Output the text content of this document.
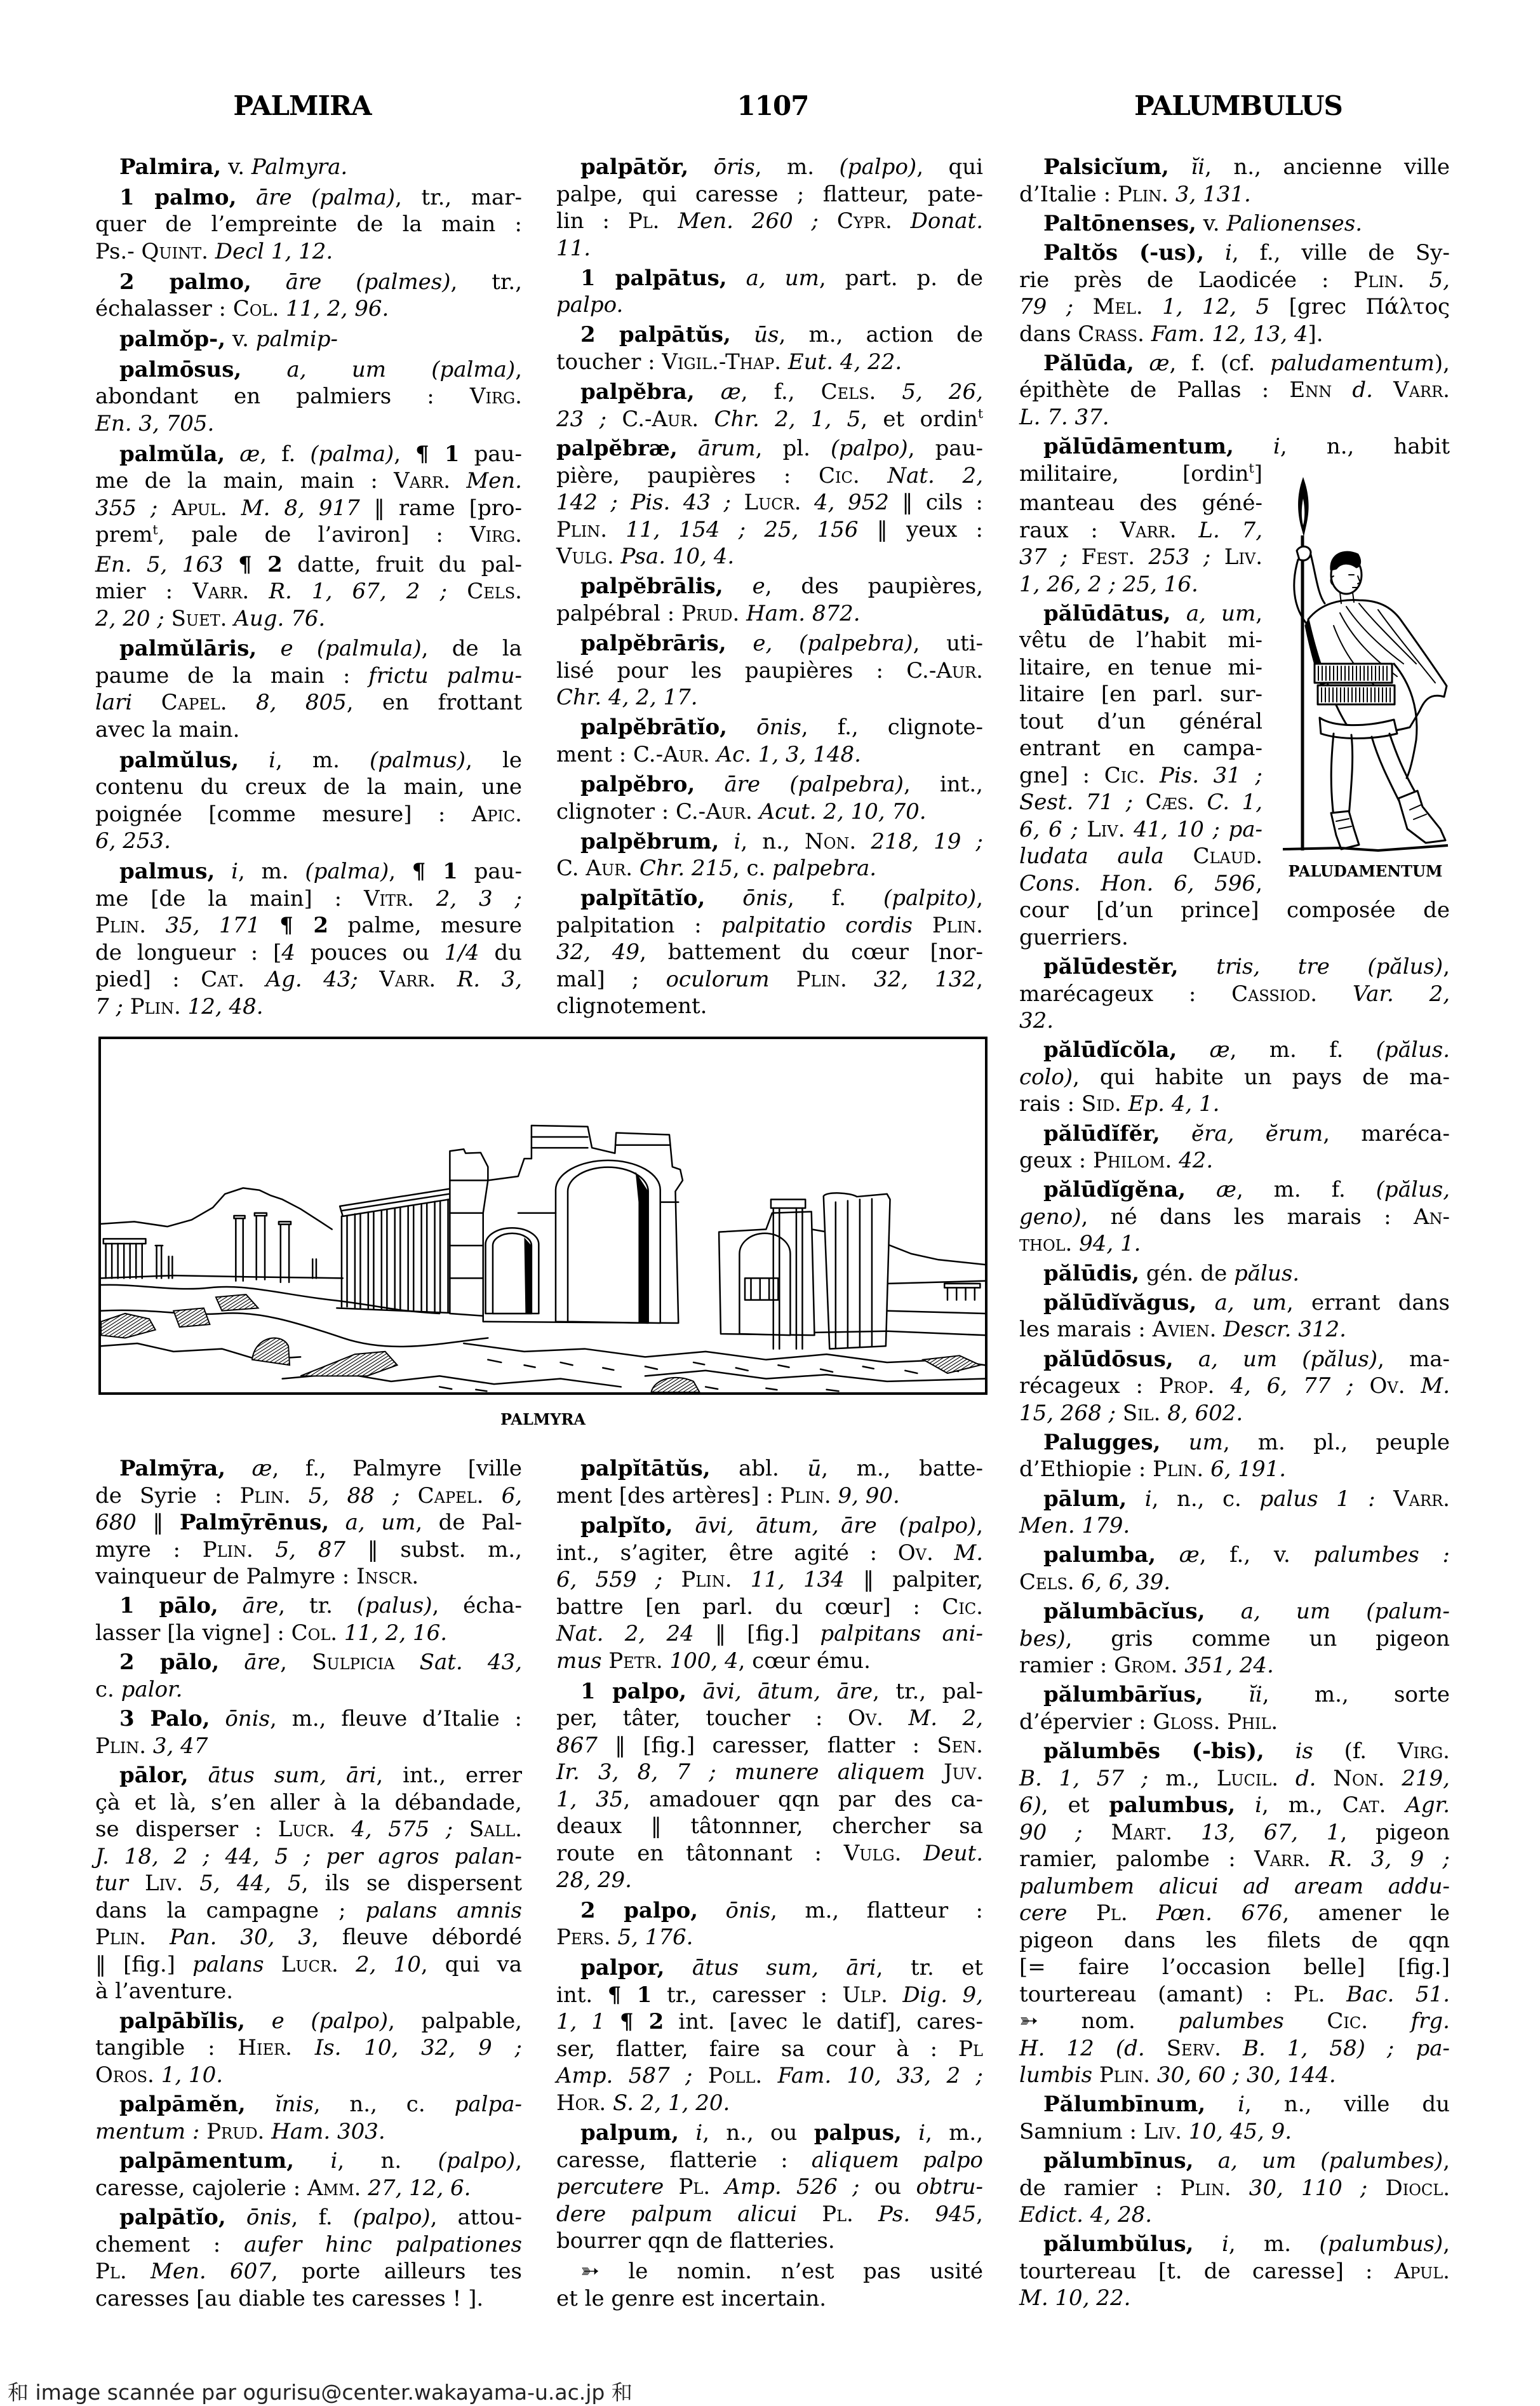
PALMIRA	1107	PALUMBULUS
Palmira, v. Palmyra.
1 palmo, āre (palma), tr., mar-
quer de l’empreinte de la main :
Ps.- Quint. Decl 1, 12.
2 palmo, āre (palmes), tr.,
échalasser : Col. 11, 2, 96.
palmŏp-, v. palmip-
palmōsus, a, um (palma),
abondant en palmiers : Virg.
En. 3, 705.
palmŭla, æ, f. (palma), ¶ 1 pau-
me de la main, main : Varr. Men.
355 ; Apul. M. 8, 917 ‖ rame [pro-
prem$^t$, pale de l’aviron] : Virg.
En. 5, 163 ¶ 2 datte, fruit du pal-
mier : Varr. R. 1, 67, 2 ; Cels.
2, 20 ; Suet. Aug. 76.
palmŭlāris, e (palmula), de la
paume de la main : frictu palmu-
lari Capel. 8, 805, en frottant
avec la main.
palmŭlus, i, m. (palmus), le
contenu du creux de la main, une
poignée [comme mesure] : Apic.
6, 253.
palmus, i, m. (palma), ¶ 1 pau-
me [de la main] : Vitr. 2, 3 ;
Plin. 35, 171 ¶ 2 palme, mesure
de longueur : [4 pouces ou 1/4 du
pied] : Cat. Ag. 43; Varr. R. 3,
7 ; Plin. 12, 48.
palpātŏr, ōris, m. (palpo), qui
palpe, qui caresse ; flatteur, pate-
lin : Pl. Men. 260 ; Cypr. Donat.
11.
1 palpātus, a, um, part. p. de
palpo.
2 palpātŭs, ūs, m., action de
toucher : Vigil.-Thap. Eut. 4, 22.
palpĕbra, æ, f., Cels. 5, 26,
23 ; C.-Aur. Chr. 2, 1, 5, et ordin$^t$
palpĕbræ, ārum, pl. (palpo), pau-
pière, paupières : Cic. Nat. 2,
142 ; Pis. 43 ; Lucr. 4, 952 ‖ cils :
Plin. 11, 154 ; 25, 156 ‖ yeux :
Vulg. Psa. 10, 4.
palpĕbrālis, e, des paupières,
palpébral : Prud. Ham. 872.
palpĕbrāris, e, (palpebra), uti-
lisé pour les paupières : C.-Aur.
Chr. 4, 2, 17.
palpĕbrātĭo, ōnis, f., clignote-
ment : C.-Aur. Ac. 1, 3, 148.
palpĕbro, āre (palpebra), int.,
clignoter : C.-Aur. Acut. 2, 10, 70.
palpĕbrum, i, n., Non. 218, 19 ;
C. Aur. Chr. 215, c. palpebra.
palpĭtātĭo, ōnis, f. (palpito),
palpitation : palpitatio cordis Plin.
32, 49, battement du cœur [nor-
mal] ; oculorum Plin. 32, 132,
clignotement.
Palsicĭum, ĭi, n., ancienne ville
d’Italie : Plin. 3, 131.
Paltōnenses, v. Palionenses.
Paltŏs (-us), i, f., ville de Sy-
rie près de Laodicée : Plin. 5,
79 ; Mel. 1, 12, 5 [grec Πάλτος
dans Crass. Fam. 12, 13, 4].
Pălūda, æ, f. (cf. paludamentum),
épithète de Pallas : Enn d. Varr.
L. 7. 37.
pălūdāmentum, i, n., habit
militaire, [ordin$^t$]
manteau des géné-
raux : Varr. L. 7,
37 ; Fest. 253 ; Liv.
1, 26, 2 ; 25, 16.
pălūdātus, a, um,
vêtu de l’habit mi-
litaire, en tenue mi-
litaire [en parl. sur-
tout d’un général
entrant en campa-
gne] : Cic. Pis. 31 ;
Sest. 71 ; Cæs. C. 1,
6, 6 ; Liv. 41, 10 ; pa-
ludata aula Claud.
Cons. Hon. 6, 596,
cour [d’un prince] composée de
guerriers.
pălūdestĕr, tris, tre (pălus),
marécageux : Cassiod. Var. 2,
32.
pălūdĭcŏla, æ, m. f. (pălus.
colo), qui habite un pays de ma-
rais : Sid. Ep. 4, 1.
pălūdĭfĕr, ĕra, ĕrum, maréca-
geux : Philom. 42.
pălūdĭgĕna, æ, m. f. (pălus,
geno), né dans les marais : An-
thol. 94, 1.
pălūdis, gén. de pălus.
pălūdĭvăgus, a, um, errant dans
les marais : Avien. Descr. 312.
pălūdōsus, a, um (pălus), ma-
récageux : Prop. 4, 6, 77 ; Ov. M.
15, 268 ; Sil. 8, 602.
Palugges, um, m. pl., peuple
d’Ethiopie : Plin. 6, 191.
pālum, i, n., c. palus 1 : Varr.
Men. 179.
palumba, æ, f., v. palumbes :
Cels. 6, 6, 39.
pălumbācĭus, a, um (palum-
bes), gris comme un pigeon
ramier : Grom. 351, 24.
pălumbārĭus, ĭi, m., sorte
d’épervier : Gloss. Phil.
pălumbēs (-bis), is (f. Virg.
B. 1, 57 ; m., Lucil. d. Non. 219,
6), et palumbus, i, m., Cat. Agr.
90 ; Mart. 13, 67, 1, pigeon
ramier, palombe : Varr. R. 3, 9 ;
palumbem alicui ad aream addu-
cere Pl. Pœn. 676, amener le
pigeon dans les filets de qqn
[= faire l’occasion belle] [fig.]
tourtereau (amant) : Pl. Bac. 51.
➳ nom. palumbes Cic. frg.
H. 12 (d. Serv. B. 1, 58) ; pa-
lumbis Plin. 30, 60 ; 30, 144.
Pălumbīnum, i, n., ville du
Samnium : Liv. 10, 45, 9.
pălumbīnus, a, um (palumbes),
de ramier : Plin. 30, 110 ; Diocl.
Edict. 4, 28.
pălumbŭlus, i, m. (palumbus),
tourtereau [t. de caresse] : Apul.
M. 10, 22.
Palmȳra, æ, f., Palmyre [ville
de Syrie : Plin. 5, 88 ; Capel. 6,
680 ‖ Palmȳrēnus, a, um, de Pal-
myre : Plin. 5, 87 ‖ subst. m.,
vainqueur de Palmyre : Inscr.
1 pālo, āre, tr. (palus), écha-
lasser [la vigne] : Col. 11, 2, 16.
2 pālo, āre, Sulpicia Sat. 43,
c. palor.
3 Palo, ōnis, m., fleuve d’Italie :
Plin. 3, 47
pālor, ātus sum, āri, int., errer
çà et là, s’en aller à la débandade,
se disperser : Lucr. 4, 575 ; Sall.
J. 18, 2 ; 44, 5 ; per agros palan-
tur Liv. 5, 44, 5, ils se dispersent
dans la campagne ; palans amnis
Plin. Pan. 30, 3, fleuve débordé
‖ [fig.] palans Lucr. 2, 10, qui va
à l’aventure.
palpābĭlis, e (palpo), palpable,
tangible : Hier. Is. 10, 32, 9 ;
Oros. 1, 10.
palpāmĕn, ĭnis, n., c. palpa-
mentum : Prud. Ham. 303.
palpāmentum, i, n. (palpo),
caresse, cajolerie : Amm. 27, 12, 6.
palpātĭo, ōnis, f. (palpo), attou-
chement : aufer hinc palpationes
Pl. Men. 607, porte ailleurs tes
caresses [au diable tes caresses ! ].
palpĭtātŭs, abl. ū, m., batte-
ment [des artères] : Plin. 9, 90.
palpĭto, āvi, ātum, āre (palpo),
int., s’agiter, être agité : Ov. M.
6, 559 ; Plin. 11, 134 ‖ palpiter,
battre [en parl. du cœur] : Cic.
Nat. 2, 24 ‖ [fig.] palpitans ani-
mus Petr. 100, 4, cœur ému.
1 palpo, āvi, ātum, āre, tr., pal-
per, tâter, toucher : Ov. M. 2,
867 ‖ [fig.] caresser, flatter : Sen.
Ir. 3, 8, 7 ; munere aliquem Juv.
1, 35, amadouer qqn par des ca-
deaux ‖ tâtonnner, chercher sa
route en tâtonnant : Vulg. Deut.
28, 29.
2 palpo, ōnis, m., flatteur :
Pers. 5, 176.
palpor, ātus sum, āri, tr. et
int. ¶ 1 tr., caresser : Ulp. Dig. 9,
1, 1 ¶ 2 int. [avec le datif], cares-
ser, flatter, faire sa cour à : Pl
Amp. 587 ; Poll. Fam. 10, 33, 2 ;
Hor. S. 2, 1, 20.
palpum, i, n., ou palpus, i, m.,
caresse, flatterie : aliquem palpo
percutere Pl. Amp. 526 ; ou obtru-
dere palpum alicui Pl. Ps. 945,
bourrer qqn de flatteries.
➳ le nomin. n’est pas usité
et le genre est incertain.
PALMYRA
PALUDAMENTUM
和 image scannée par ogurisu@center.wakayama-u.ac.jp 和
